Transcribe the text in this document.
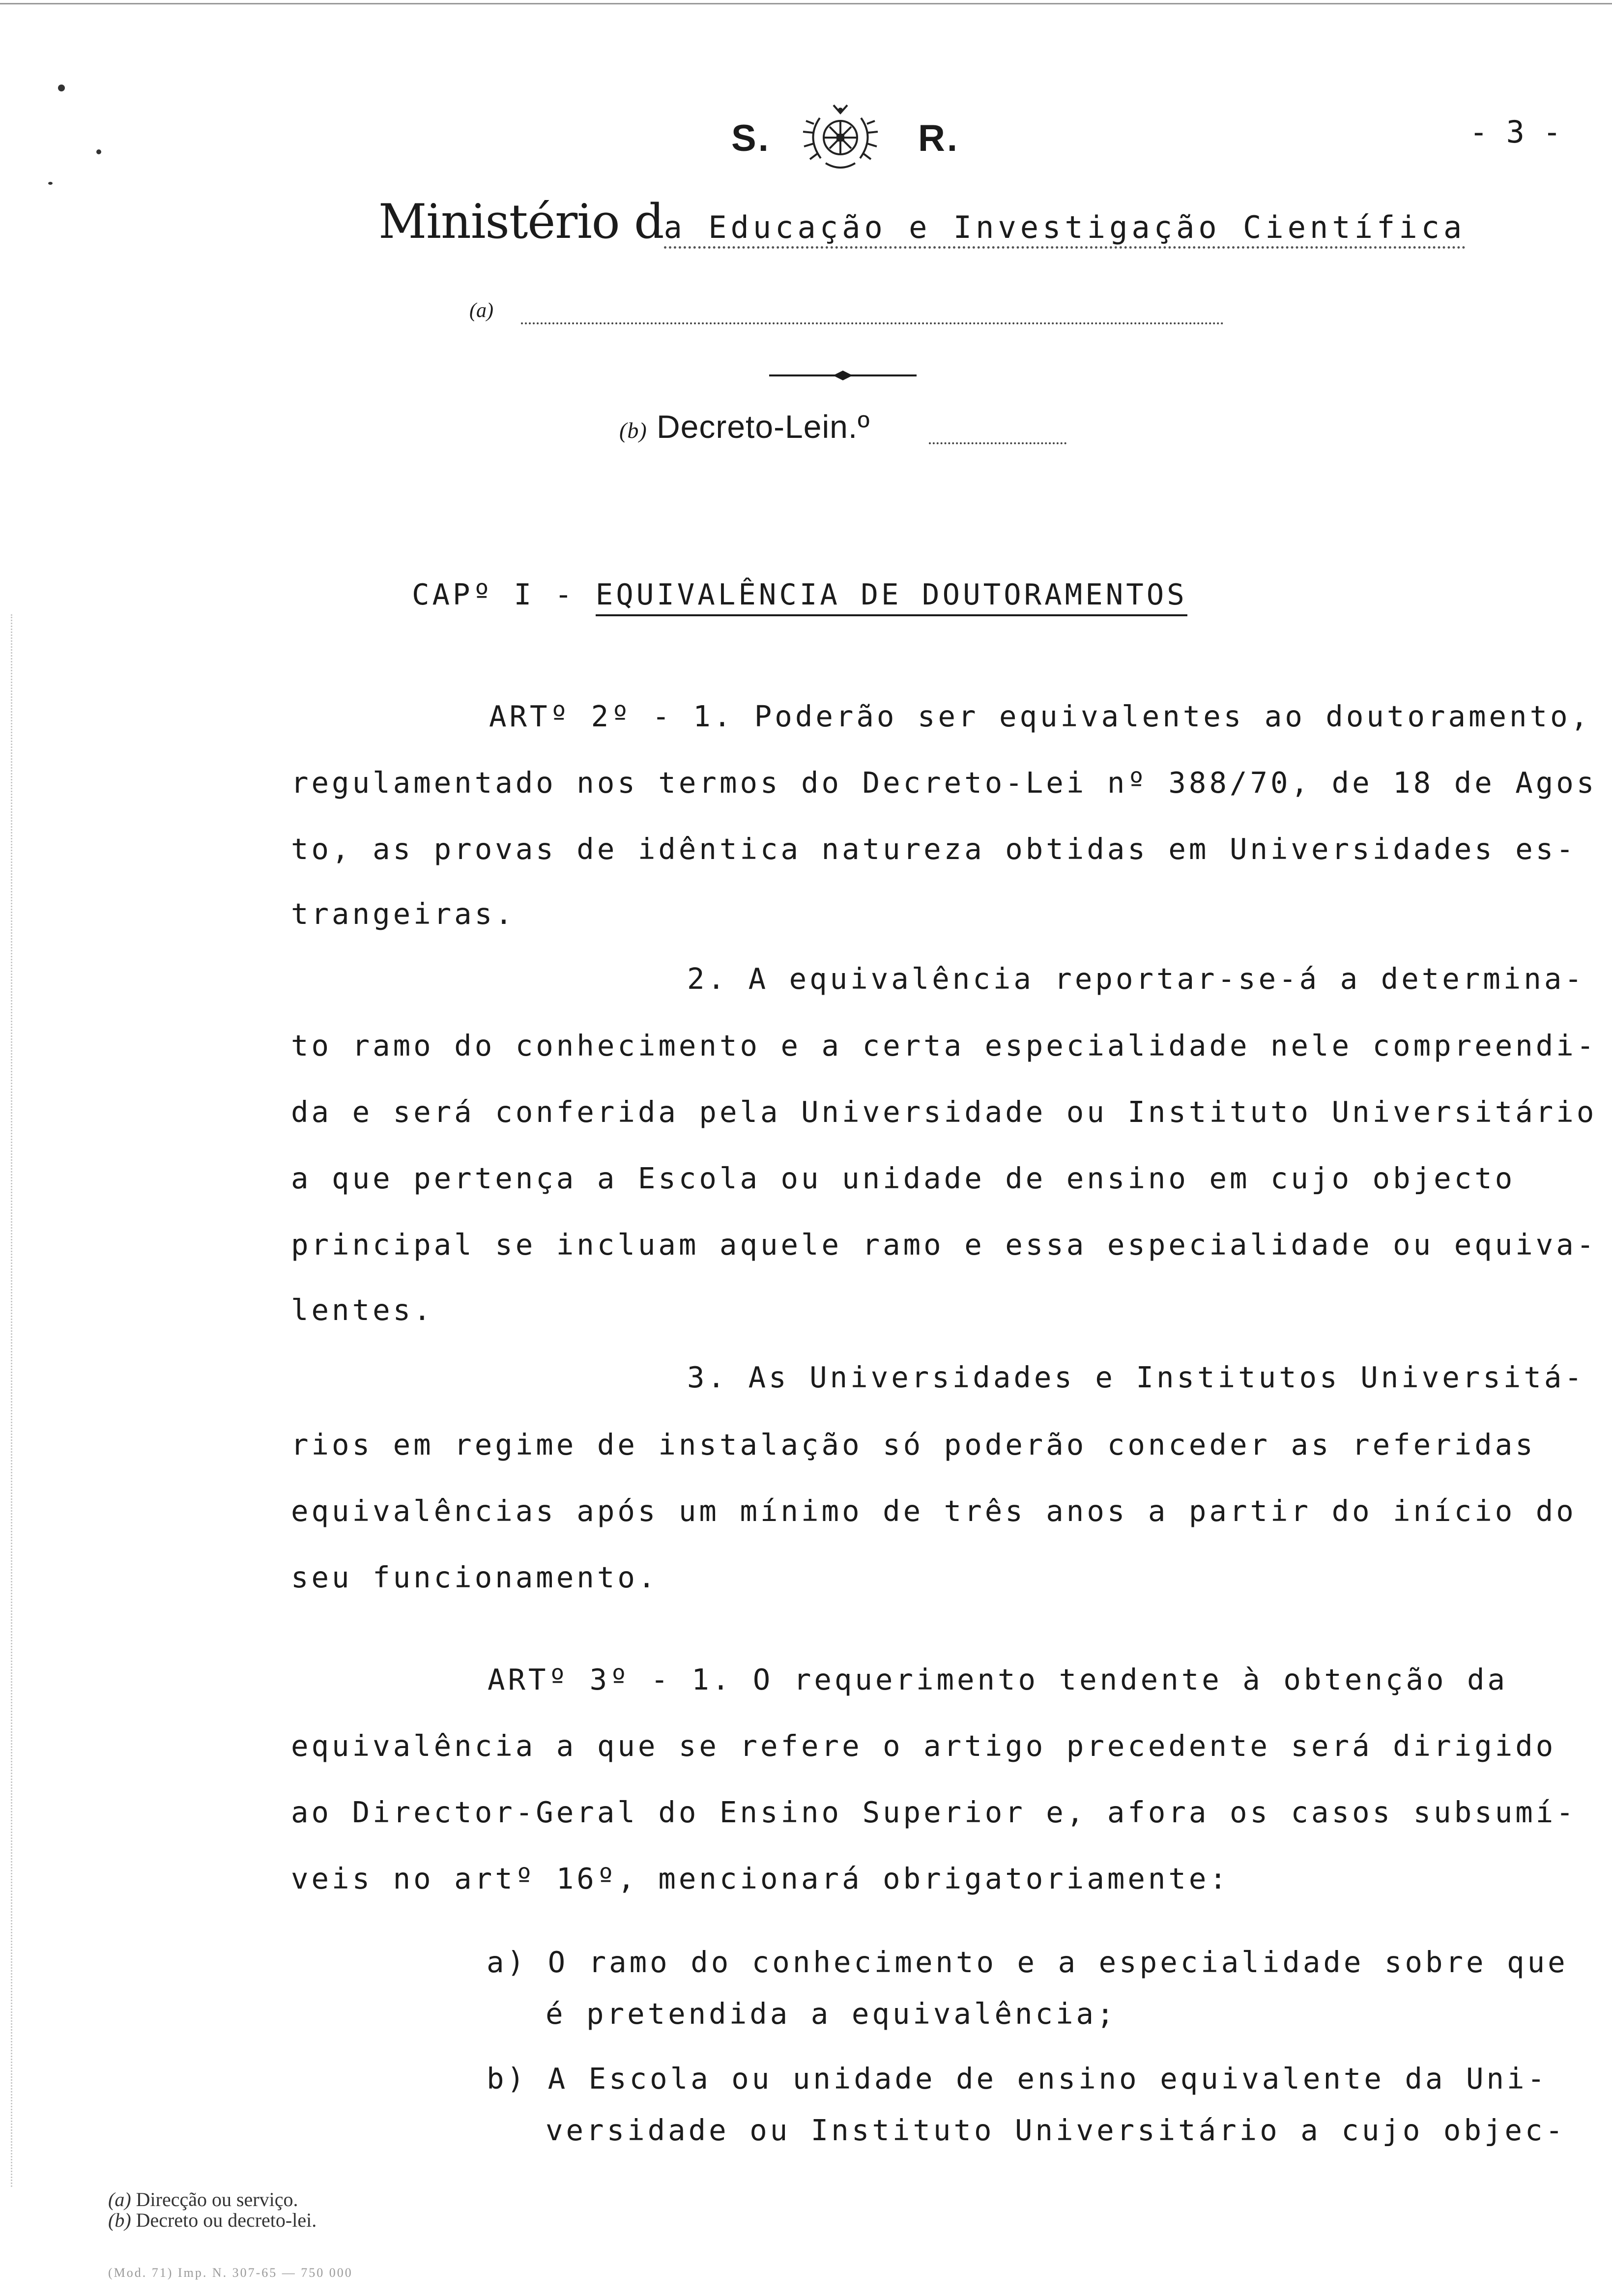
S.	R.	- 3 -
Ministério da Educação e Investigação Científica
(a)
(b) Decreto-Lein.º
CAPº I - EQUIVALÊNCIA DE DOUTORAMENTOS
ARTº 2º - 1. Poderão ser equivalentes ao doutoramento,
regulamentado nos termos do Decreto-Lei nº 388/70, de 18 de Agos
to, as provas de idêntica natureza obtidas em Universidades es-
trangeiras.
2. A equivalência reportar-se-á a determina-
to ramo do conhecimento e a certa especialidade nele compreendi-
da e será conferida pela Universidade ou Instituto Universitário
a que pertença a Escola ou unidade de ensino em cujo objecto
principal se incluam aquele ramo e essa especialidade ou equiva-
lentes.
3. As Universidades e Institutos Universitá-
rios em regime de instalação só poderão conceder as referidas
equivalências após um mínimo de três anos a partir do início do
seu funcionamento.
ARTº 3º - 1. O requerimento tendente à obtenção da
equivalência a que se refere o artigo precedente será dirigido
ao Director-Geral do Ensino Superior e, afora os casos subsumí-
veis no artº 16º, mencionará obrigatoriamente:
a) O ramo do conhecimento e a especialidade sobre que
é pretendida a equivalência;
b) A Escola ou unidade de ensino equivalente da Uni-
versidade ou Instituto Universitário a cujo objec-
(a) Direcção ou serviço.
(b) Decreto ou decreto-lei.
(Mod. 71) Imp. N. 307-65 — 750 000
